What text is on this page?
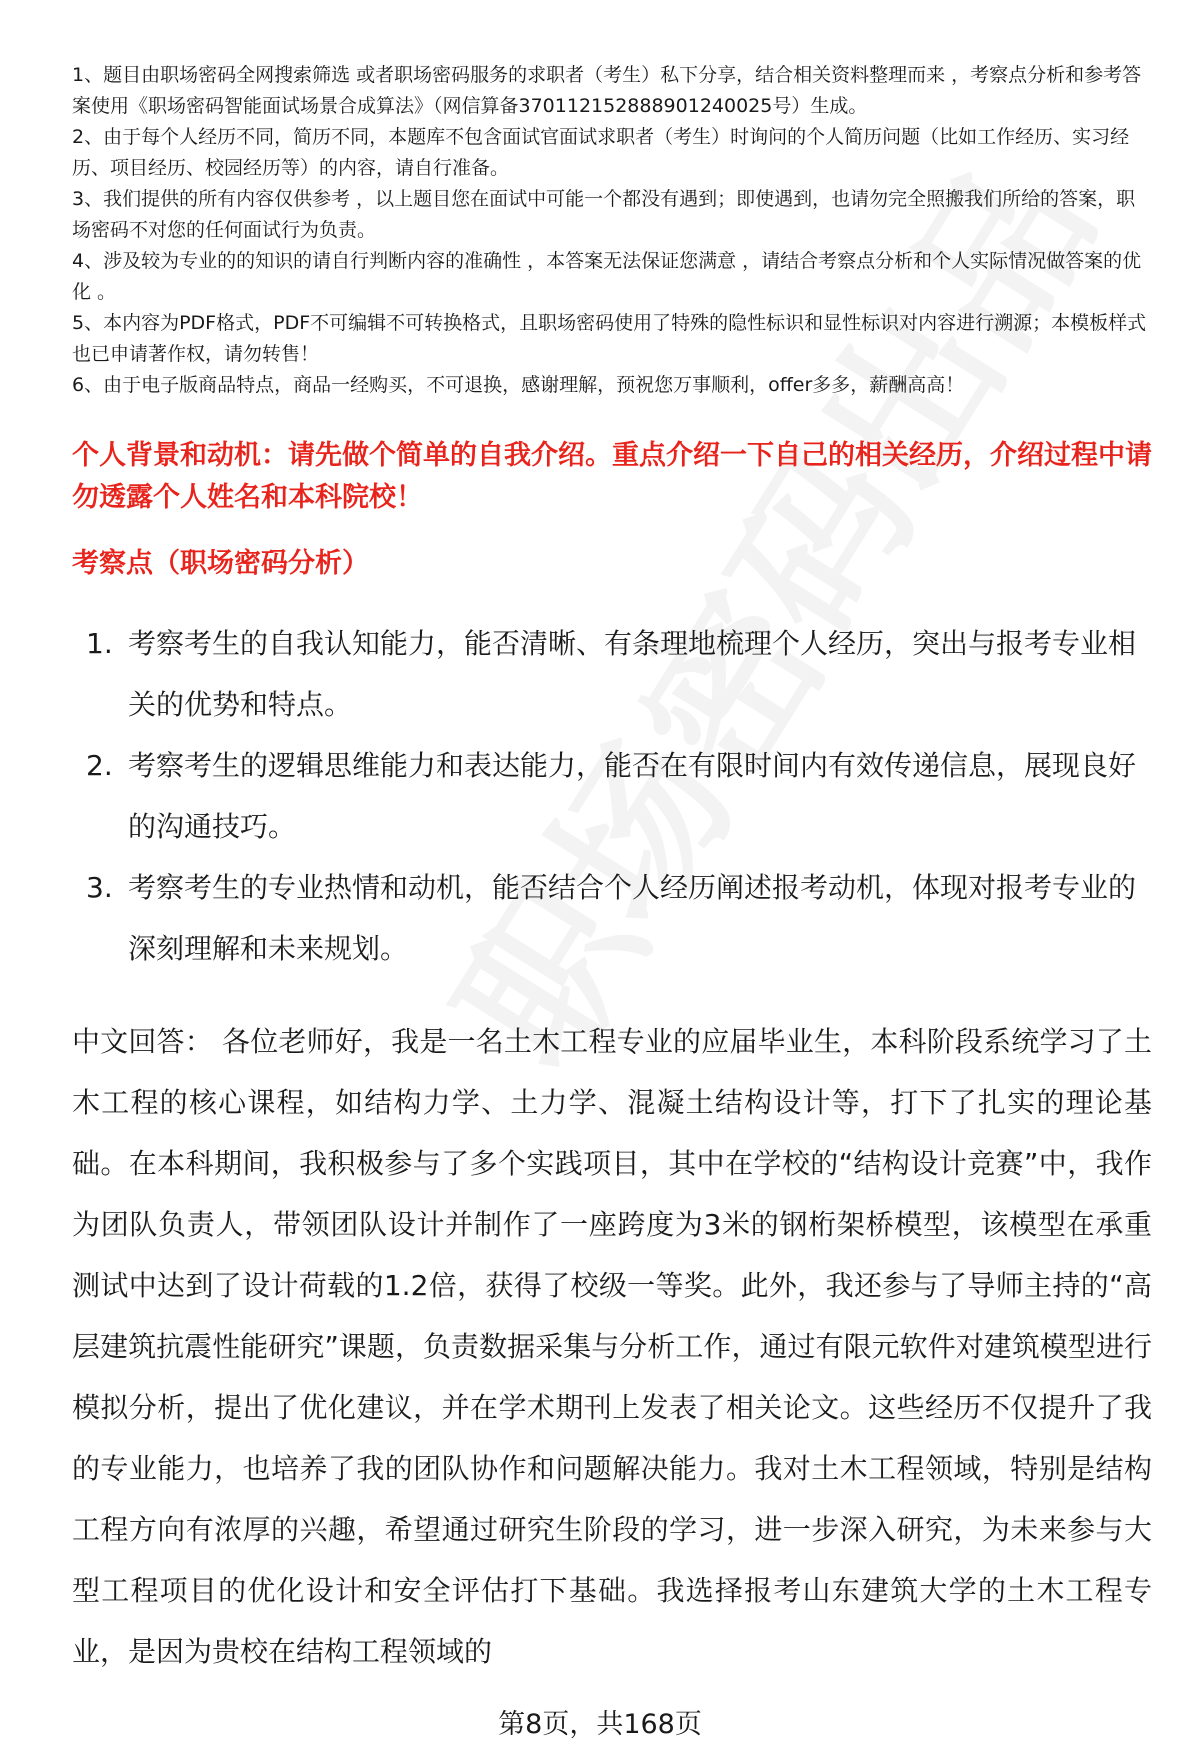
1、题目由职场密码全网搜索筛选 或者职场密码服务的求职者（考生）私下分享，结合相关资料整理而来 ，考察点分析和参考答案使用《职场密码智能面试场景合成算法》（网信算备370112152888901240025号）生成。

2、由于每个人经历不同，简历不同，本题库不包含面试官面试求职者（考生）时询问的个人简历问题（比如工作经历、实习经历、项目经历、校园经历等）的内容，请自行准备。

3、我们提供的所有内容仅供参考 ，以上题目您在面试中可能一个都没有遇到；即使遇到，也请勿完全照搬我们所给的答案，职场密码不对您的任何面试行为负责。

4、涉及较为专业的的知识的请自行判断内容的准确性 ，本答案无法保证您满意 ，请结合考察点分析和个人实际情况做答案的优化 。

5、本内容为PDF格式，PDF不可编辑不可转换格式，且职场密码使用了特殊的隐性标识和显性标识对内容进行溯源；本模板样式也已申请著作权，请勿转售！

6、由于电子版商品特点，商品一经购买，不可退换，感谢理解，预祝您万事顺利，offer多多，薪酬高高！

个人背景和动机：请先做个简单的自我介绍。重点介绍一下自己的相关经历，介绍过程中请勿透露个人姓名和本科院校！
考察点（职场密码分析）
1. 考察考生的自我认知能力，能否清晰、有条理地梳理个人经历，突出与报考专业相关的优势和特点。
2. 考察考生的逻辑思维能力和表达能力，能否在有限时间内有效传递信息，展现良好的沟通技巧。
3. 考察考生的专业热情和动机，能否结合个人经历阐述报考动机，体现对报考专业的深刻理解和未来规划。
中文回答： 各位老师好，我是一名土木工程专业的应届毕业生，本科阶段系统学习了土木工程的核心课程，如结构力学、土力学、混凝土结构设计等，打下了扎实的理论基础。在本科期间，我积极参与了多个实践项目，其中在学校的“结构设计竞赛”中，我作为团队负责人，带领团队设计并制作了一座跨度为3米的钢桁架桥模型，该模型在承重测试中达到了设计荷载的1.2倍，获得了校级一等奖。此外，我还参与了导师主持的“高层建筑抗震性能研究”课题，负责数据采集与分析工作，通过有限元软件对建筑模型进行模拟分析，提出了优化建议，并在学术期刊上发表了相关论文。这些经历不仅提升了我的专业能力，也培养了我的团队协作和问题解决能力。我对土木工程领域，特别是结构工程方向有浓厚的兴趣，希望通过研究生阶段的学习，进一步深入研究，为未来参与大型工程项目的优化设计和安全评估打下基础。我选择报考山东建筑大学的土木工程专业，是因为贵校在结构工程领域的
第8页，共168页
